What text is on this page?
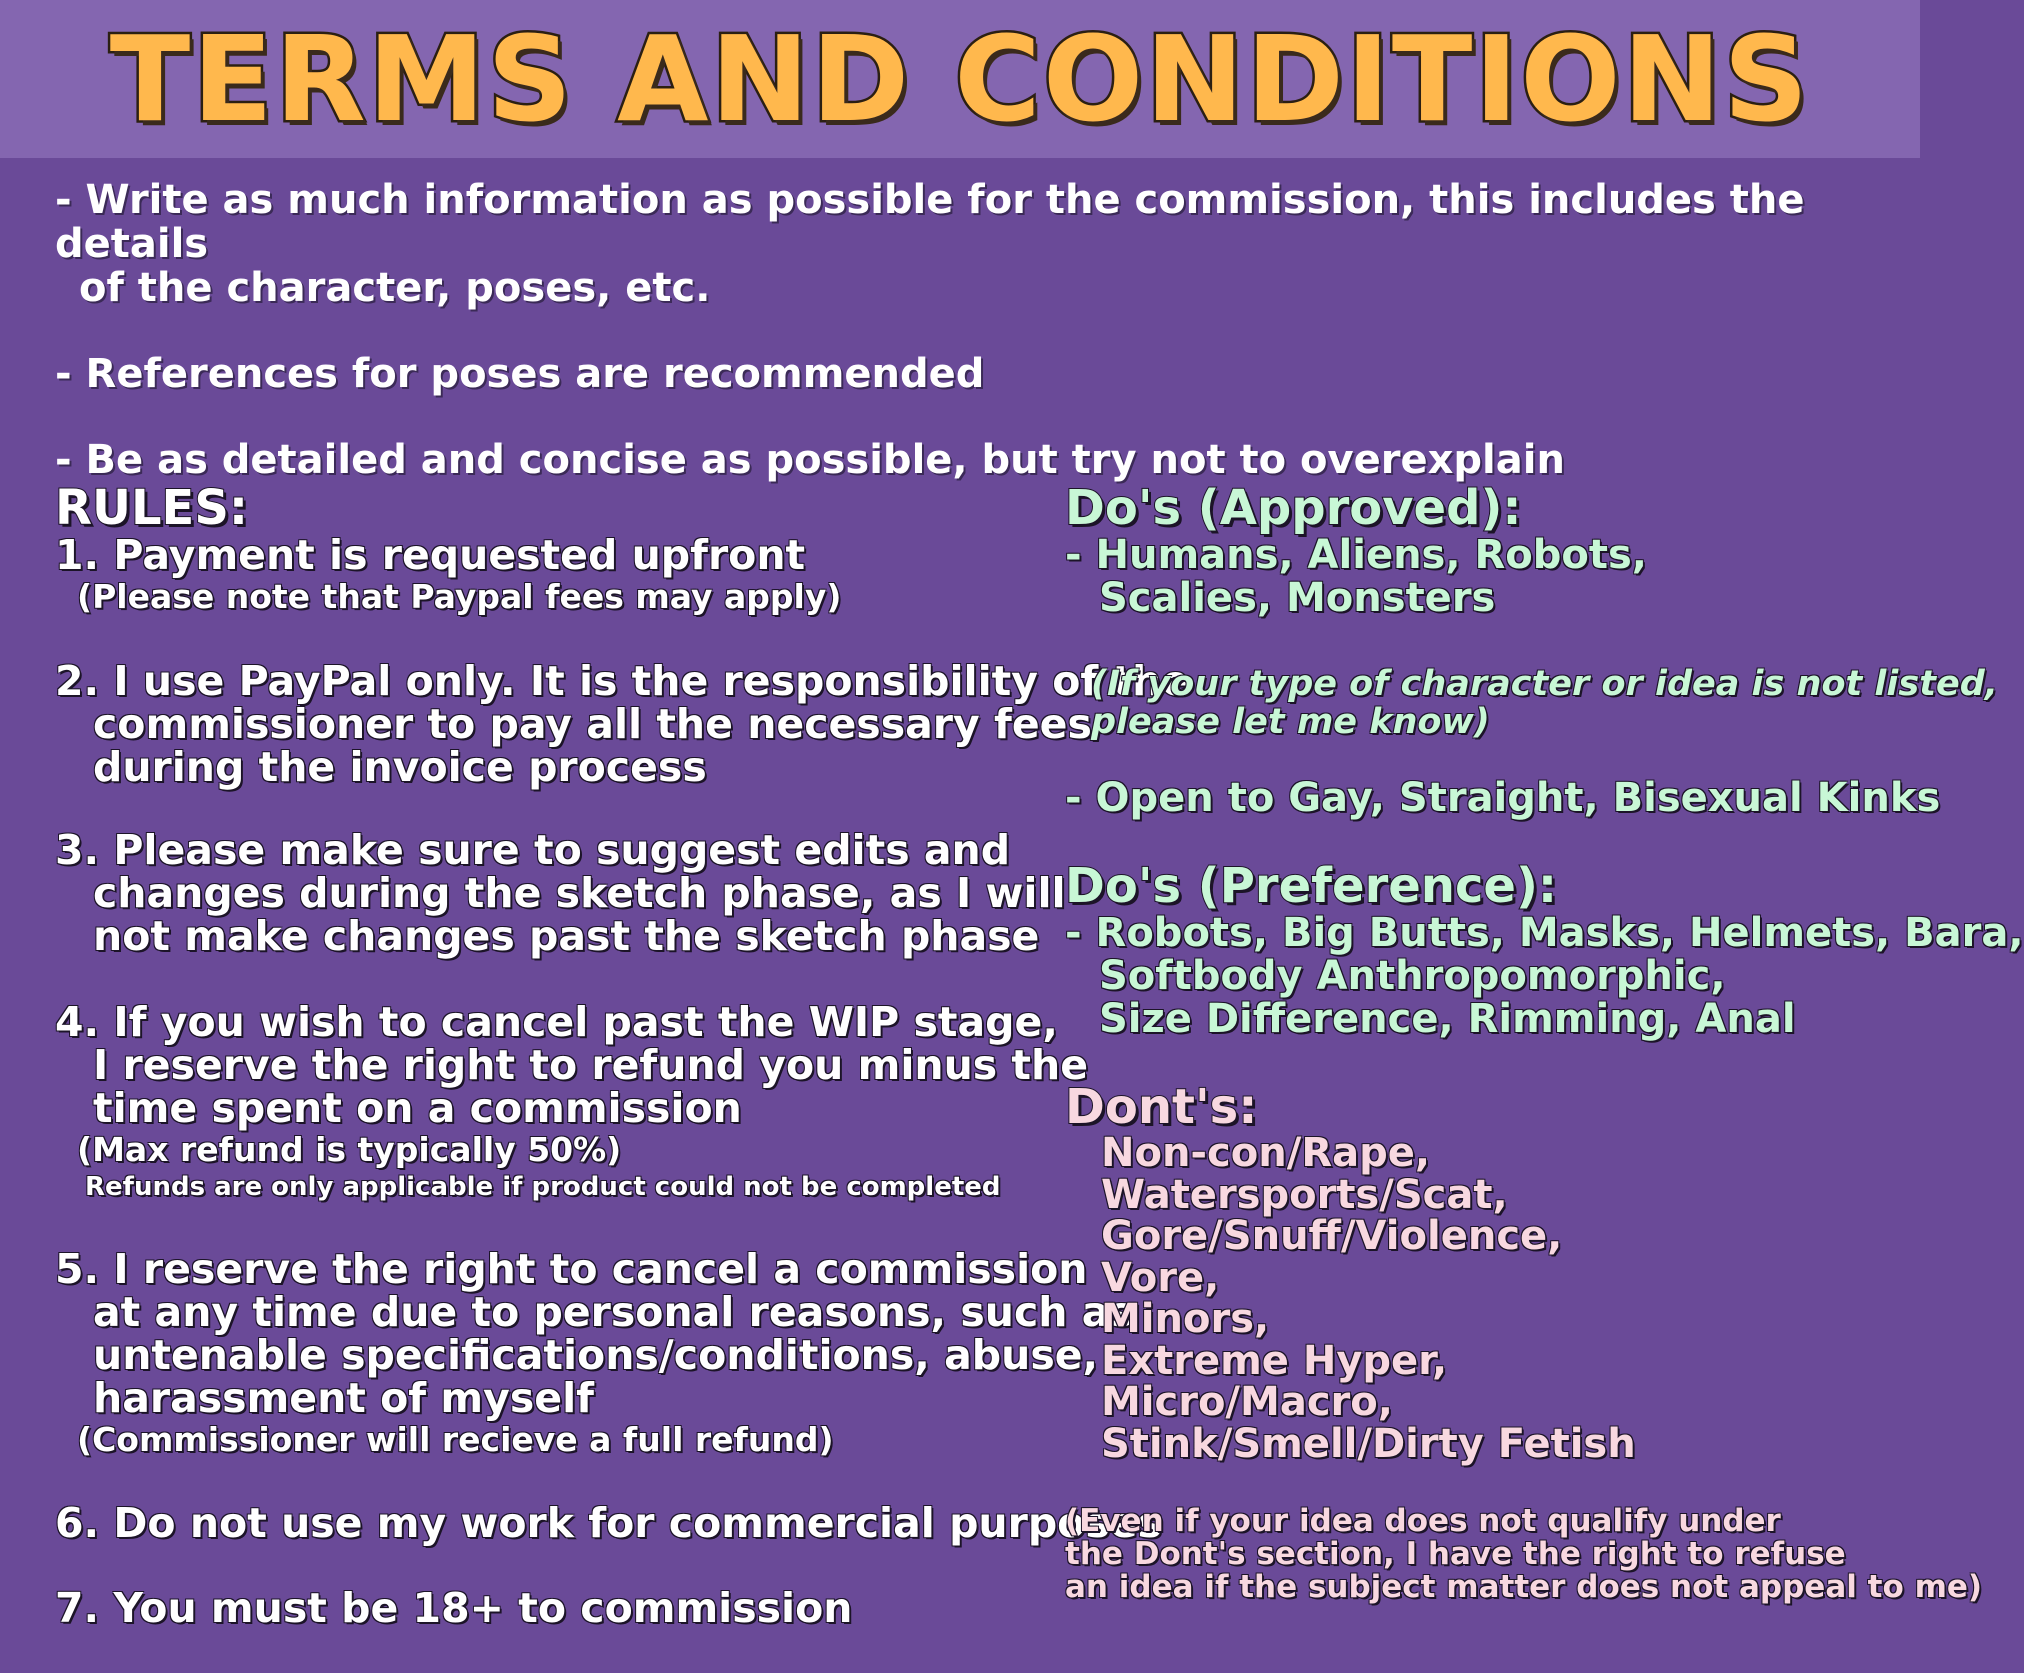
TERMS AND CONDITIONS

- Write as much information as possible for the commission, this includes the details

of the character, poses, etc.

- References for poses are recommended

- Be as detailed and concise as possible, but try not to overexplain

RULES:

1. Payment is requested upfront
(Please note that Paypal fees may apply)
2. I use PayPal only. It is the responsibility of the
commissioner to pay all the necessary fees
during the invoice process
3. Please make sure to suggest edits and
changes during the sketch phase, as I will
not make changes past the sketch phase
4. If you wish to cancel past the WIP stage,
I reserve the right to refund you minus the
time spent on a commission
(Max refund is typically 50%)
Refunds are only applicable if product could not be completed
5. I reserve the right to cancel a commission
at any time due to personal reasons, such as
untenable specifications/conditions, abuse,
harassment of myself
(Commissioner will recieve a full refund)
6. Do not use my work for commercial purposes
7. You must be 18+ to commission

Do's (Approved):

- Humans, Aliens, Robots,
Scalies, Monsters
(If your type of character or idea is not listed,
please let me know)
- Open to Gay, Straight, Bisexual Kinks

Do's (Preference):

- Robots, Big Butts, Masks, Helmets, Bara,
Softbody Anthropomorphic,
Size Difference, Rimming, Anal

Dont's:

Non-con/Rape,
Watersports/Scat,
Gore/Snuff/Violence,
Vore,
Minors,
Extreme Hyper,
Micro/Macro,
Stink/Smell/Dirty Fetish
(Even if your idea does not qualify under
the Dont's section, I have the right to refuse
an idea if the subject matter does not appeal to me)
